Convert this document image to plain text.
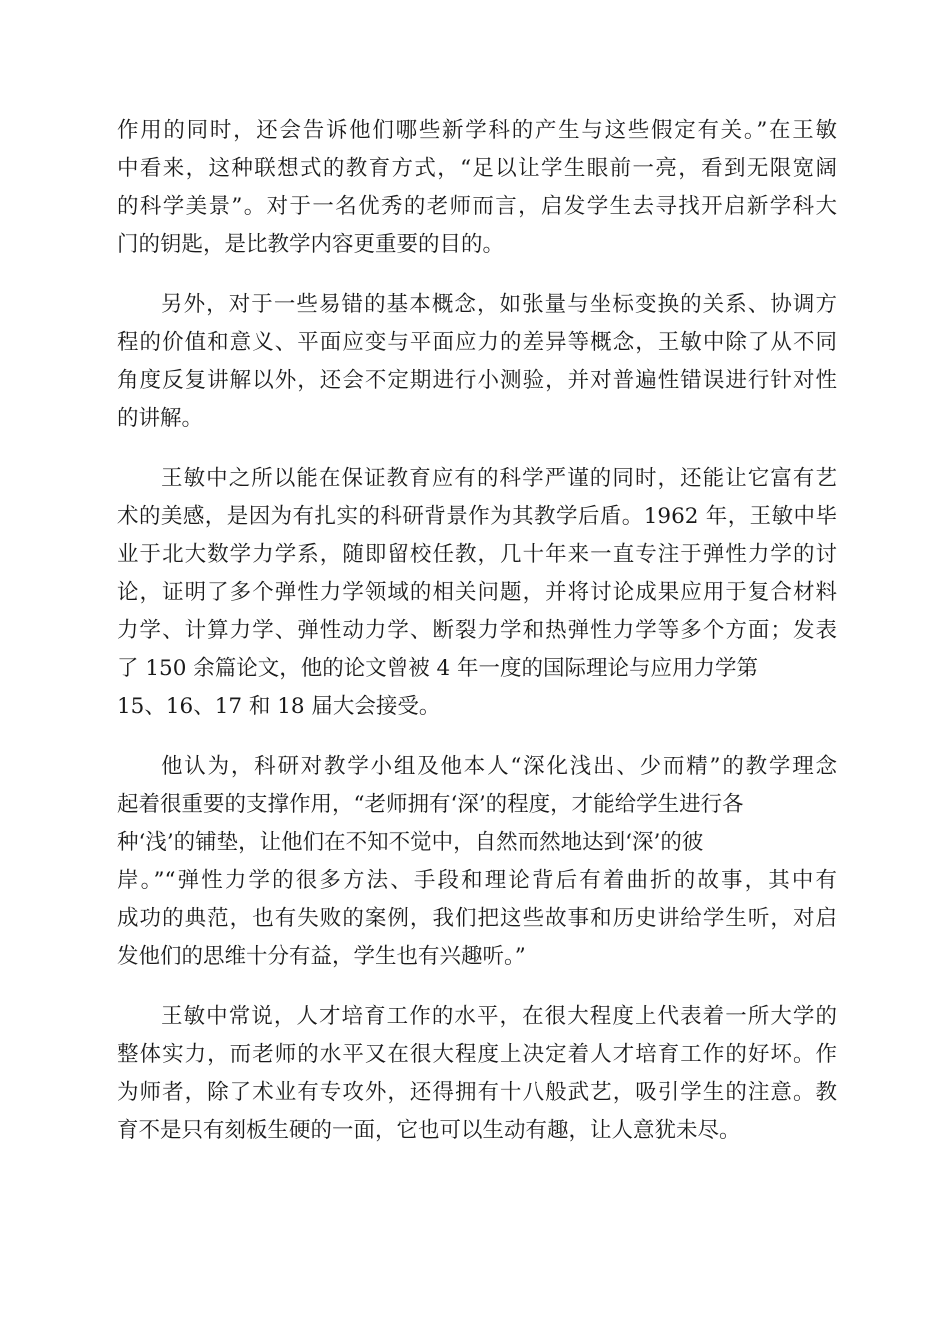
作用的同时，还会告诉他们哪些新学科的产生与这些假定有关。”在王敏
中看来，这种联想式的教育方式，“足以让学生眼前一亮，看到无限宽阔
的科学美景”。对于一名优秀的老师而言，启发学生去寻找开启新学科大
门的钥匙，是比教学内容更重要的目的。
另外，对于一些易错的基本概念，如张量与坐标变换的关系、协调方
程的价值和意义、平面应变与平面应力的差异等概念，王敏中除了从不同
角度反复讲解以外，还会不定期进行小测验，并对普遍性错误进行针对性
的讲解。
王敏中之所以能在保证教育应有的科学严谨的同时，还能让它富有艺
术的美感，是因为有扎实的科研背景作为其教学后盾。1962 年，王敏中毕
业于北大数学力学系，随即留校任教，几十年来一直专注于弹性力学的讨
论，证明了多个弹性力学领域的相关问题，并将讨论成果应用于复合材料
力学、计算力学、弹性动力学、断裂力学和热弹性力学等多个方面；发表
了 150 余篇论文，他的论文曾被 4 年一度的国际理论与应用力学第
15、16、17 和 18 届大会接受。
他认为，科研对教学小组及他本人“深化浅出、少而精”的教学理念
起着很重要的支撑作用，“老师拥有‘深’的程度，才能给学生进行各
种‘浅’的铺垫，让他们在不知不觉中，自然而然地达到‘深’的彼
岸。”“弹性力学的很多方法、手段和理论背后有着曲折的故事，其中有
成功的典范，也有失败的案例，我们把这些故事和历史讲给学生听，对启
发他们的思维十分有益，学生也有兴趣听。”
王敏中常说，人才培育工作的水平，在很大程度上代表着一所大学的
整体实力，而老师的水平又在很大程度上决定着人才培育工作的好坏。作
为师者，除了术业有专攻外，还得拥有十八般武艺，吸引学生的注意。教
育不是只有刻板生硬的一面，它也可以生动有趣，让人意犹未尽。
